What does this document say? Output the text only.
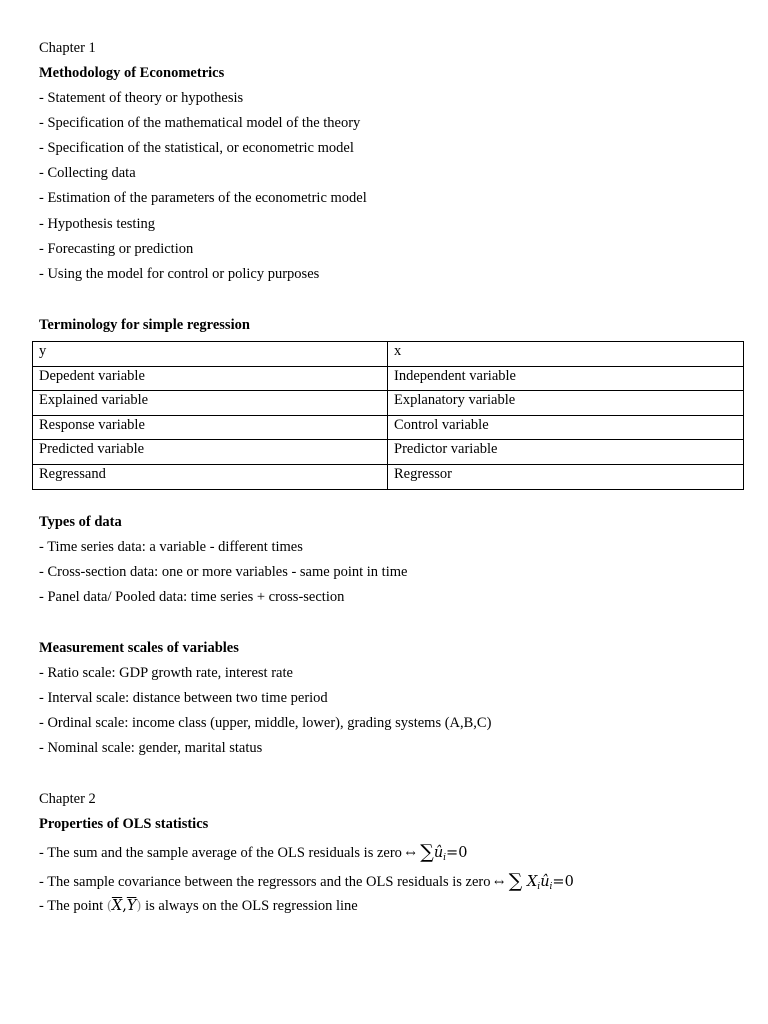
Chapter 1
Methodology of Econometrics
- Statement of theory or hypothesis
- Specification of the mathematical model of the theory
- Specification of the statistical, or econometric model
- Collecting data
- Estimation of the parameters of the econometric model
- Hypothesis testing
- Forecasting or prediction
- Using the model for control or policy purposes
Terminology for simple regression
y	x
Depedent variable	Independent variable
Explained variable	Explanatory variable
Response variable	Control variable
Predicted variable	Predictor variable
Regressand	Regressor
Types of data
- Time series data: a variable - different times
- Cross-section data: one or more variables - same point in time
- Panel data/ Pooled data: time series + cross-section
Measurement scales of variables
- Ratio scale: GDP growth rate, interest rate
- Interval scale: distance between two time period
- Ordinal scale: income class (upper, middle, lower), grading systems (A,B,C)
- Nominal scale: gender, marital status
Chapter 2
Properties of OLS statistics
- The sum and the sample average of the OLS residuals is zero ↔ $\sum û_i=0$
- The sample covariance between the regressors and the OLS residuals is zero ↔ ∑ $X_iû_i=0$
- The point $(\overline{X},\overline{Y})$ is always on the OLS regression line
